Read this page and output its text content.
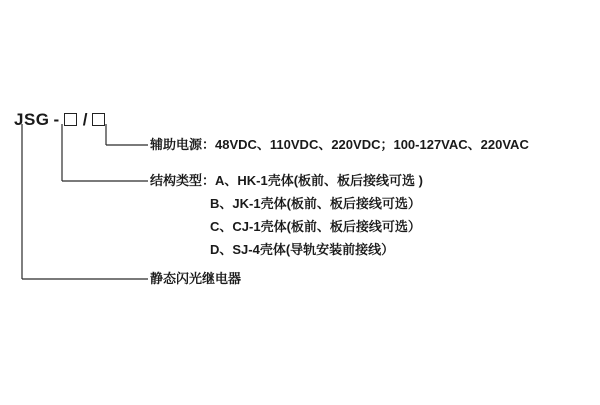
JSG - /
辅助电源：48VDC、110VDC、220VDC；100-127VAC、220VAC
结构类型：A、HK-1壳体(板前、板后接线可选 )
B、JK-1壳体(板前、板后接线可选）
C、CJ-1壳体(板前、板后接线可选）
D、SJ-4壳体(导轨安装前接线）
静态闪光继电器
